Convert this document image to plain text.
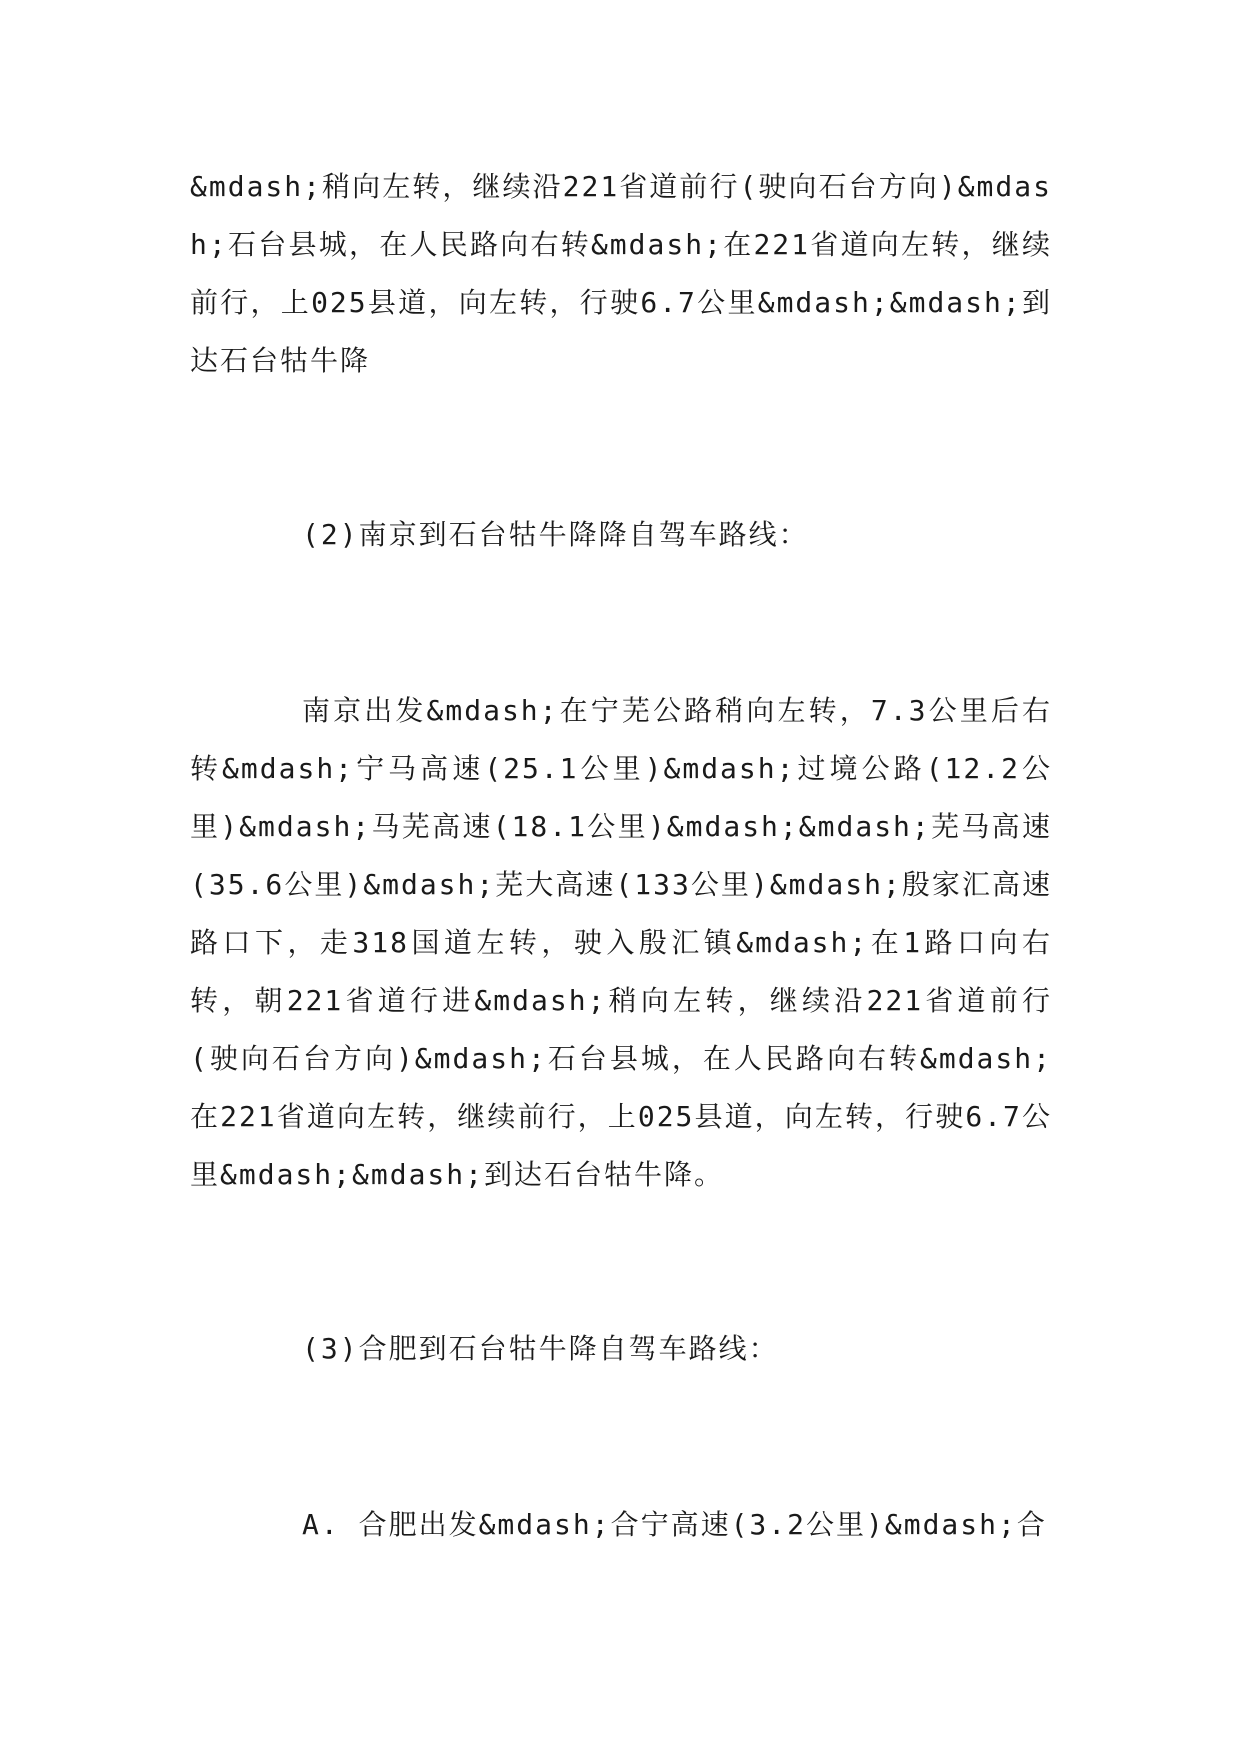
&mdash;稍向左转，继续沿221省道前行(驶向石台方向)&mdash;石台县城，在人民路向右转&mdash;在221省道向左转，继续前行，上025县道，向左转，行驶6.7公里&mdash;&mdash;到达石台牯牛降

(2)南京到石台牯牛降降自驾车路线：

南京出发&mdash;在宁芜公路稍向左转，7.3公里后右转&mdash;宁马高速(25.1公里)&mdash;过境公路(12.2公里)&mdash;马芜高速(18.1公里)&mdash;&mdash;芜马高速(35.6公里)&mdash;芜大高速(133公里)&mdash;殷家汇高速路口下，走318国道左转，驶入殷汇镇&mdash;在1路口向右转，朝221省道行进&mdash;稍向左转，继续沿221省道前行(驶向石台方向)&mdash;石台县城，在人民路向右转&mdash;在221省道向左转，继续前行，上025县道，向左转，行驶6.7公里&mdash;&mdash;到达石台牯牛降。

(3)合肥到石台牯牛降自驾车路线：

A. 合肥出发&mdash;合宁高速(3.2公里)&mdash;合
